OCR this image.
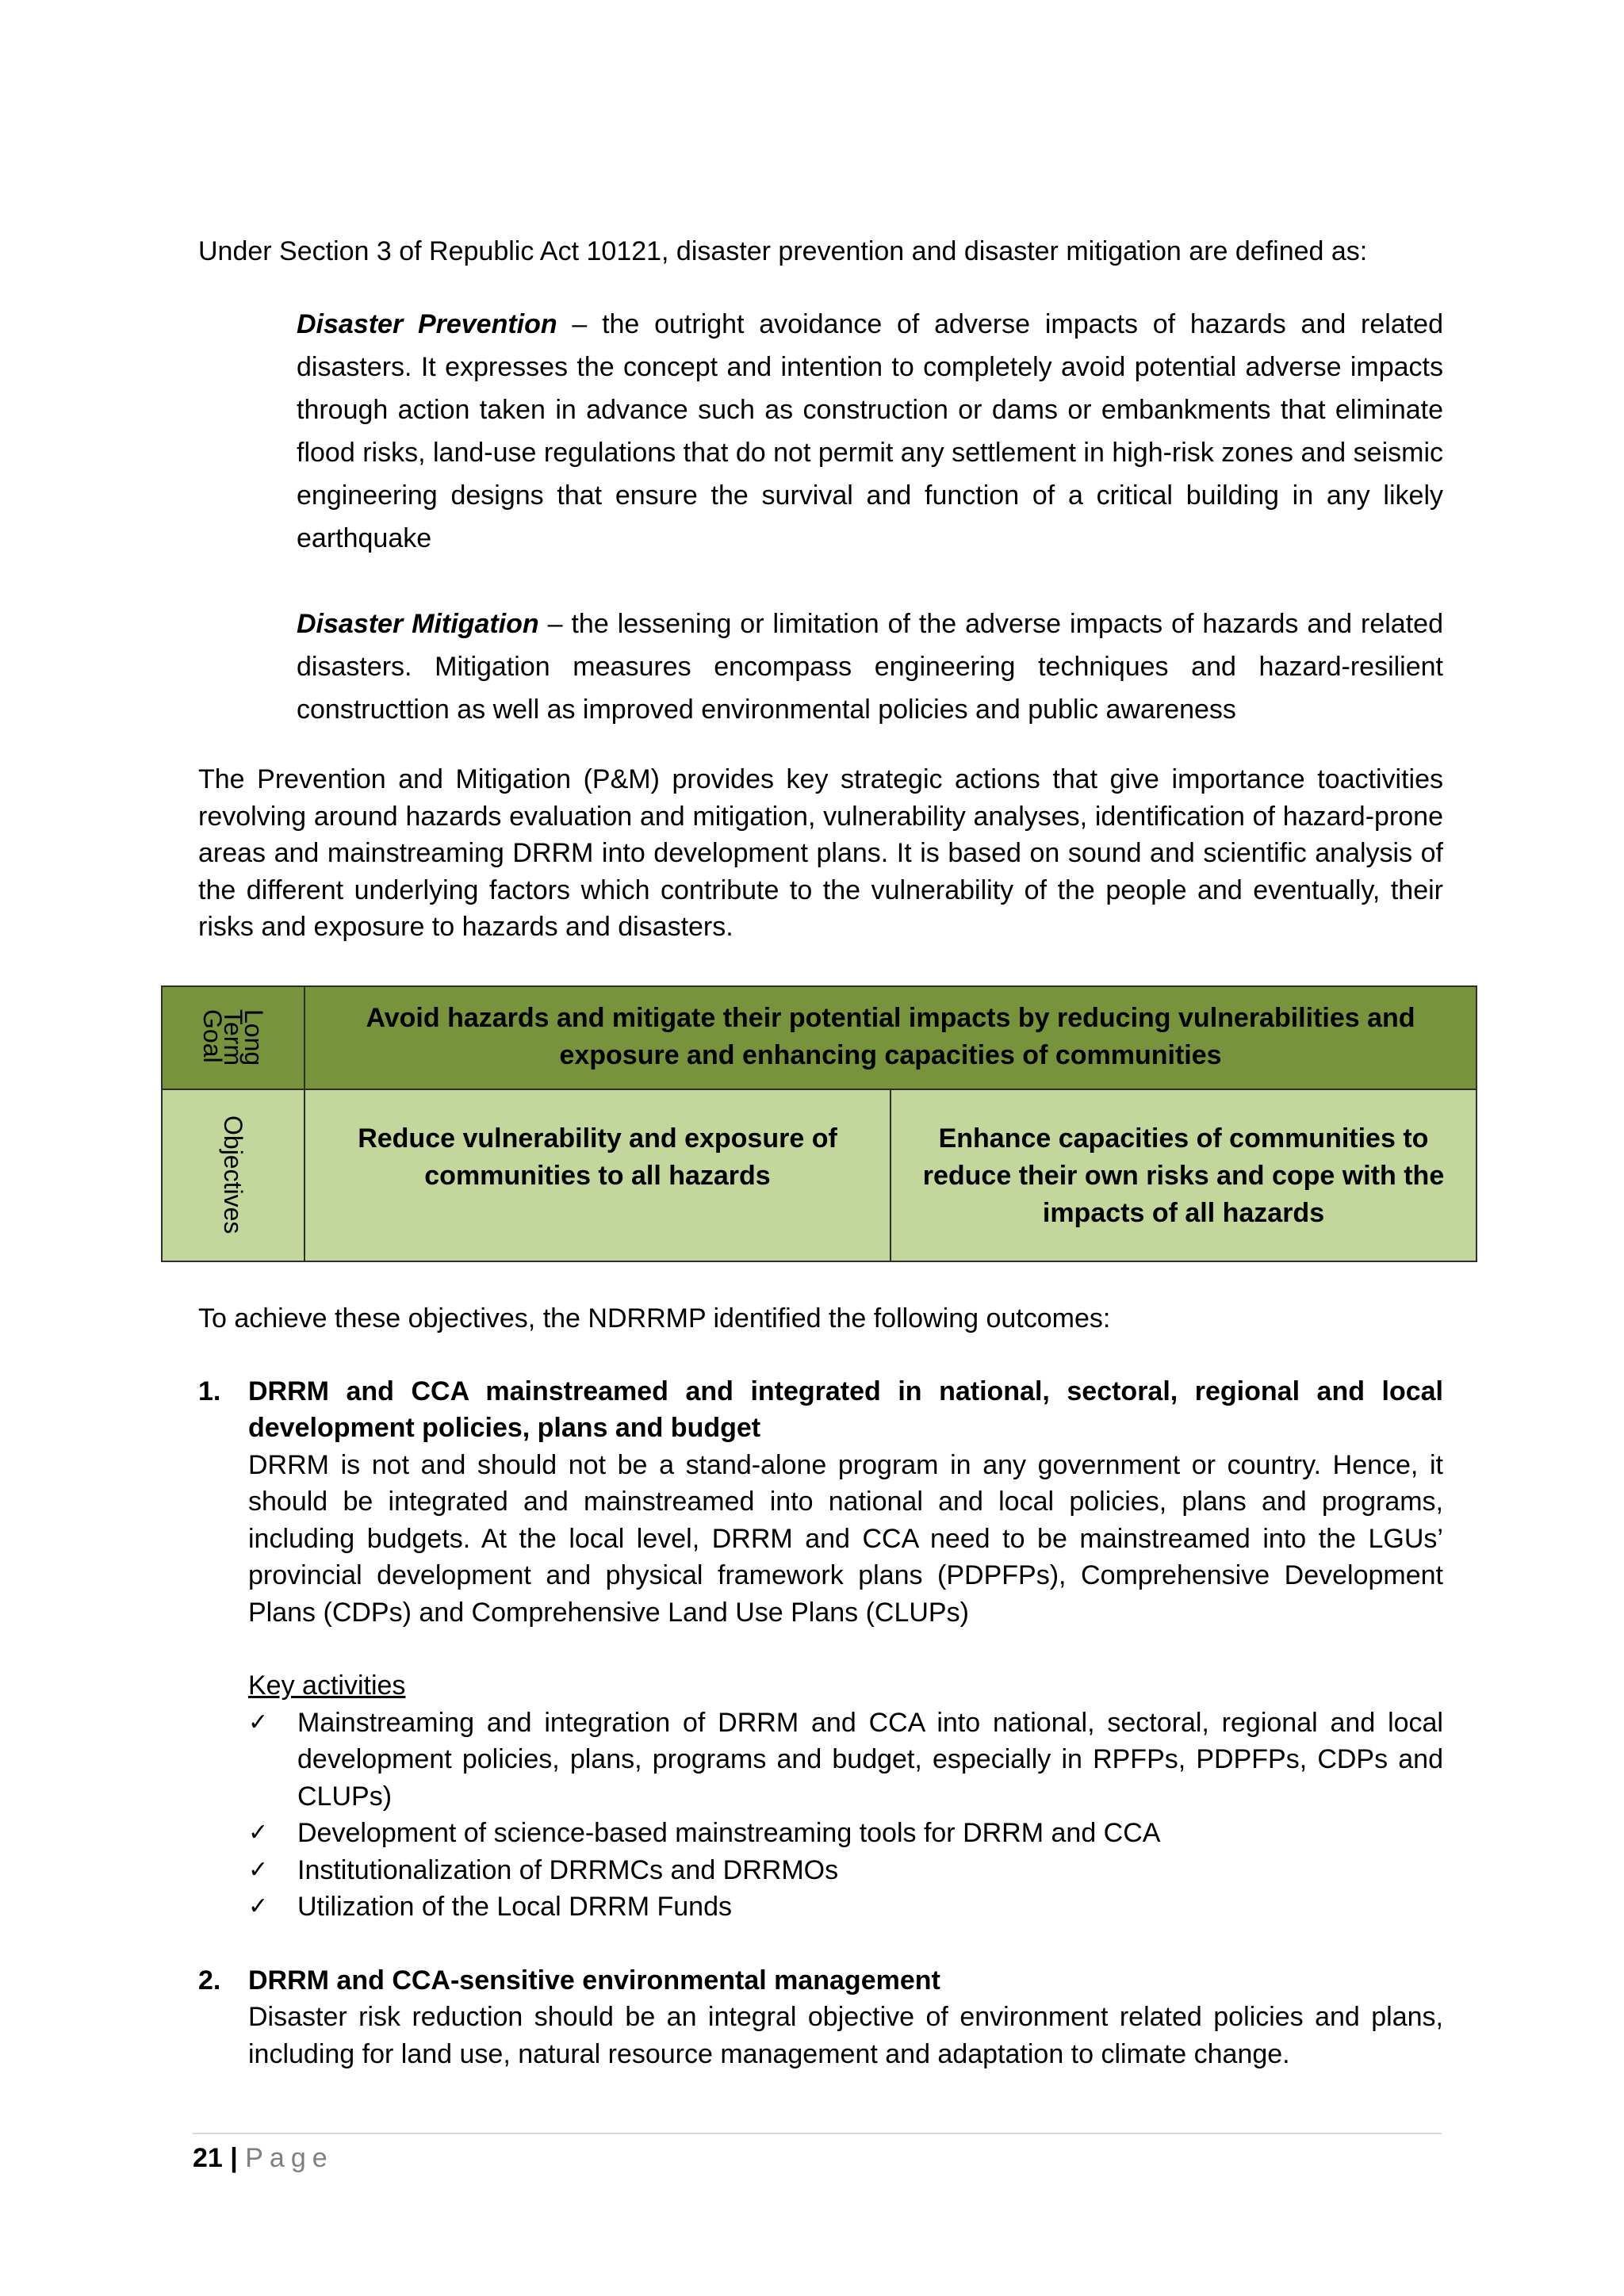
Under Section 3 of Republic Act 10121, disaster prevention and disaster mitigation are defined as:

Disaster Prevention – the outright avoidance of adverse impacts of hazards and related disasters. It expresses the concept and intention to completely avoid potential adverse impacts through action taken in advance such as construction or dams or embankments that eliminate flood risks, land-use regulations that do not permit any settlement in high-risk zones and seismic engineering designs that ensure the survival and function of a critical building in any likely earthquake

Disaster Mitigation – the lessening or limitation of the adverse impacts of hazards and related disasters. Mitigation measures encompass engineering techniques and hazard-resilient constructtion as well as improved environmental policies and public awareness

The Prevention and Mitigation (P&M) provides key strategic actions that give importance toactivities revolving around hazards evaluation and mitigation, vulnerability analyses, identification of hazard-prone areas and mainstreaming DRRM into development plans. It is based on sound and scientific analysis of the different underlying factors which contribute to the vulnerability of the people and eventually, their risks and exposure to hazards and disasters.

Long
Term
Goal	Avoid hazards and mitigate their potential impacts by reducing vulnerabilities and
exposure and enhancing capacities of communities
Objectives	Reduce vulnerability and exposure of
communities to all hazards
Enhance capacities of communities to
reduce their own risks and cope with the
impacts of all hazards

To achieve these objectives, the NDRRMP identified the following outcomes:

1. DRRM and CCA mainstreamed and integrated in national, sectoral, regional and local development policies, plans and budget
DRRM is not and should not be a stand-alone program in any government or country. Hence, it should be integrated and mainstreamed into national and local policies, plans and programs, including budgets. At the local level, DRRM and CCA need to be mainstreamed into the LGUs’ provincial development and physical framework plans (PDPFPs), Comprehensive Development Plans (CDPs) and Comprehensive Land Use Plans (CLUPs)
Key activities
✓ Mainstreaming and integration of DRRM and CCA into national, sectoral, regional and local development policies, plans, programs and budget, especially in RPFPs, PDPFPs, CDPs and CLUPs)
✓ Development of science-based mainstreaming tools for DRRM and CCA
✓ Institutionalization of DRRMCs and DRRMOs
✓ Utilization of the Local DRRM Funds
2. DRRM and CCA-sensitive environmental management
Disaster risk reduction should be an integral objective of environment related policies and plans, including for land use, natural resource management and adaptation to climate change.
21 | Page
